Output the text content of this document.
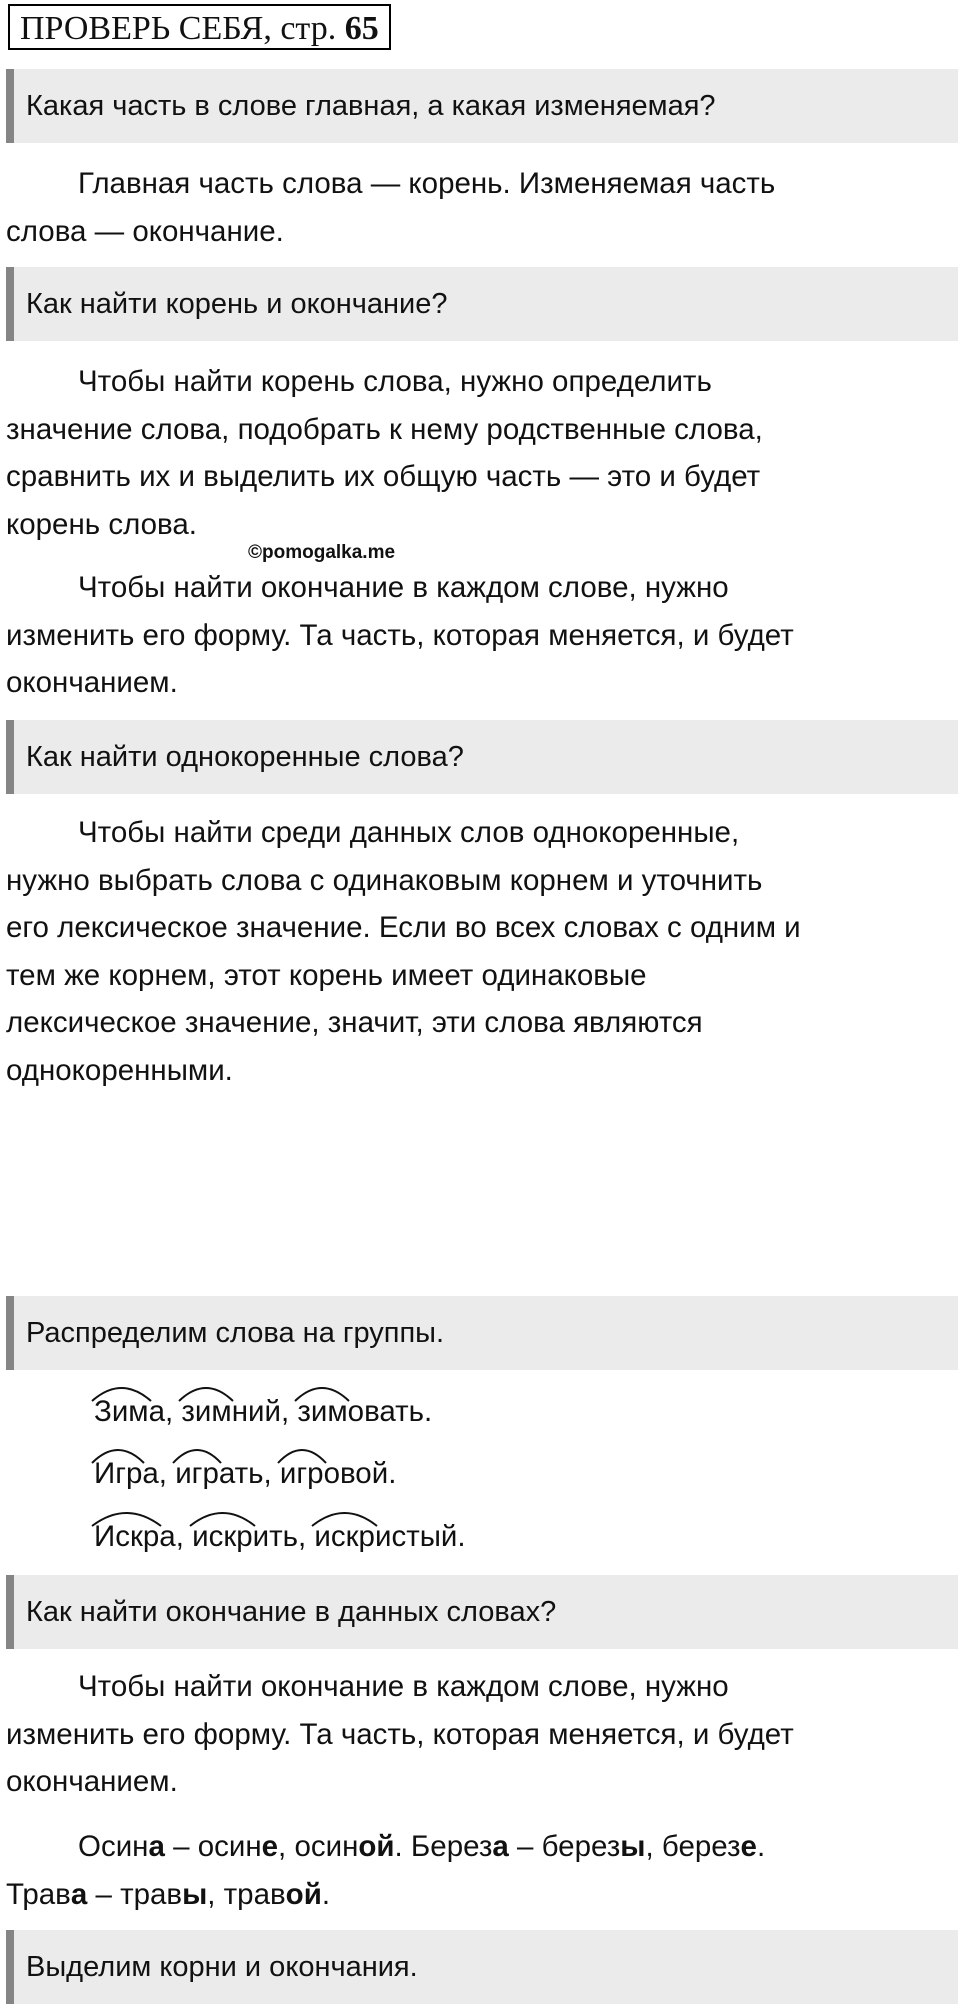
ПРОВЕРЬ СЕБЯ, стр. 65
Какая часть в слове главная, а какая изменяемая?
Главная часть слова — корень. Изменяемая часть
слова — окончание.
Как найти корень и окончание?
Чтобы найти корень слова, нужно определить
значение слова, подобрать к нему родственные слова,
сравнить их и выделить их общую часть — это и будет
корень слова.
©pomogalka.me
Чтобы найти окончание в каждом слове, нужно
изменить его форму. Та часть, которая меняется, и будет
окончанием.
Как найти однокоренные слова?
Чтобы найти среди данных слов однокоренные,
нужно выбрать слова с одинаковым корнем и уточнить
его лексическое значение. Если во всех словах с одним и
тем же корнем, этот корень имеет одинаковые
лексическое значение, значит, эти слова являются
однокоренными.
Распределим слова на группы.
Зим
а, зим
ний, зим
овать.
Игр
а, игр
ать, игр
овой.
Искр
а, искр
ить, искр
истый.
Как найти окончание в данных словах?
Чтобы найти окончание в каждом слове, нужно
изменить его форму. Та часть, которая меняется, и будет
окончанием.
Осина – осине, осиной. Береза – березы, березе.
Трава – травы, травой.
Выделим корни и окончания.
